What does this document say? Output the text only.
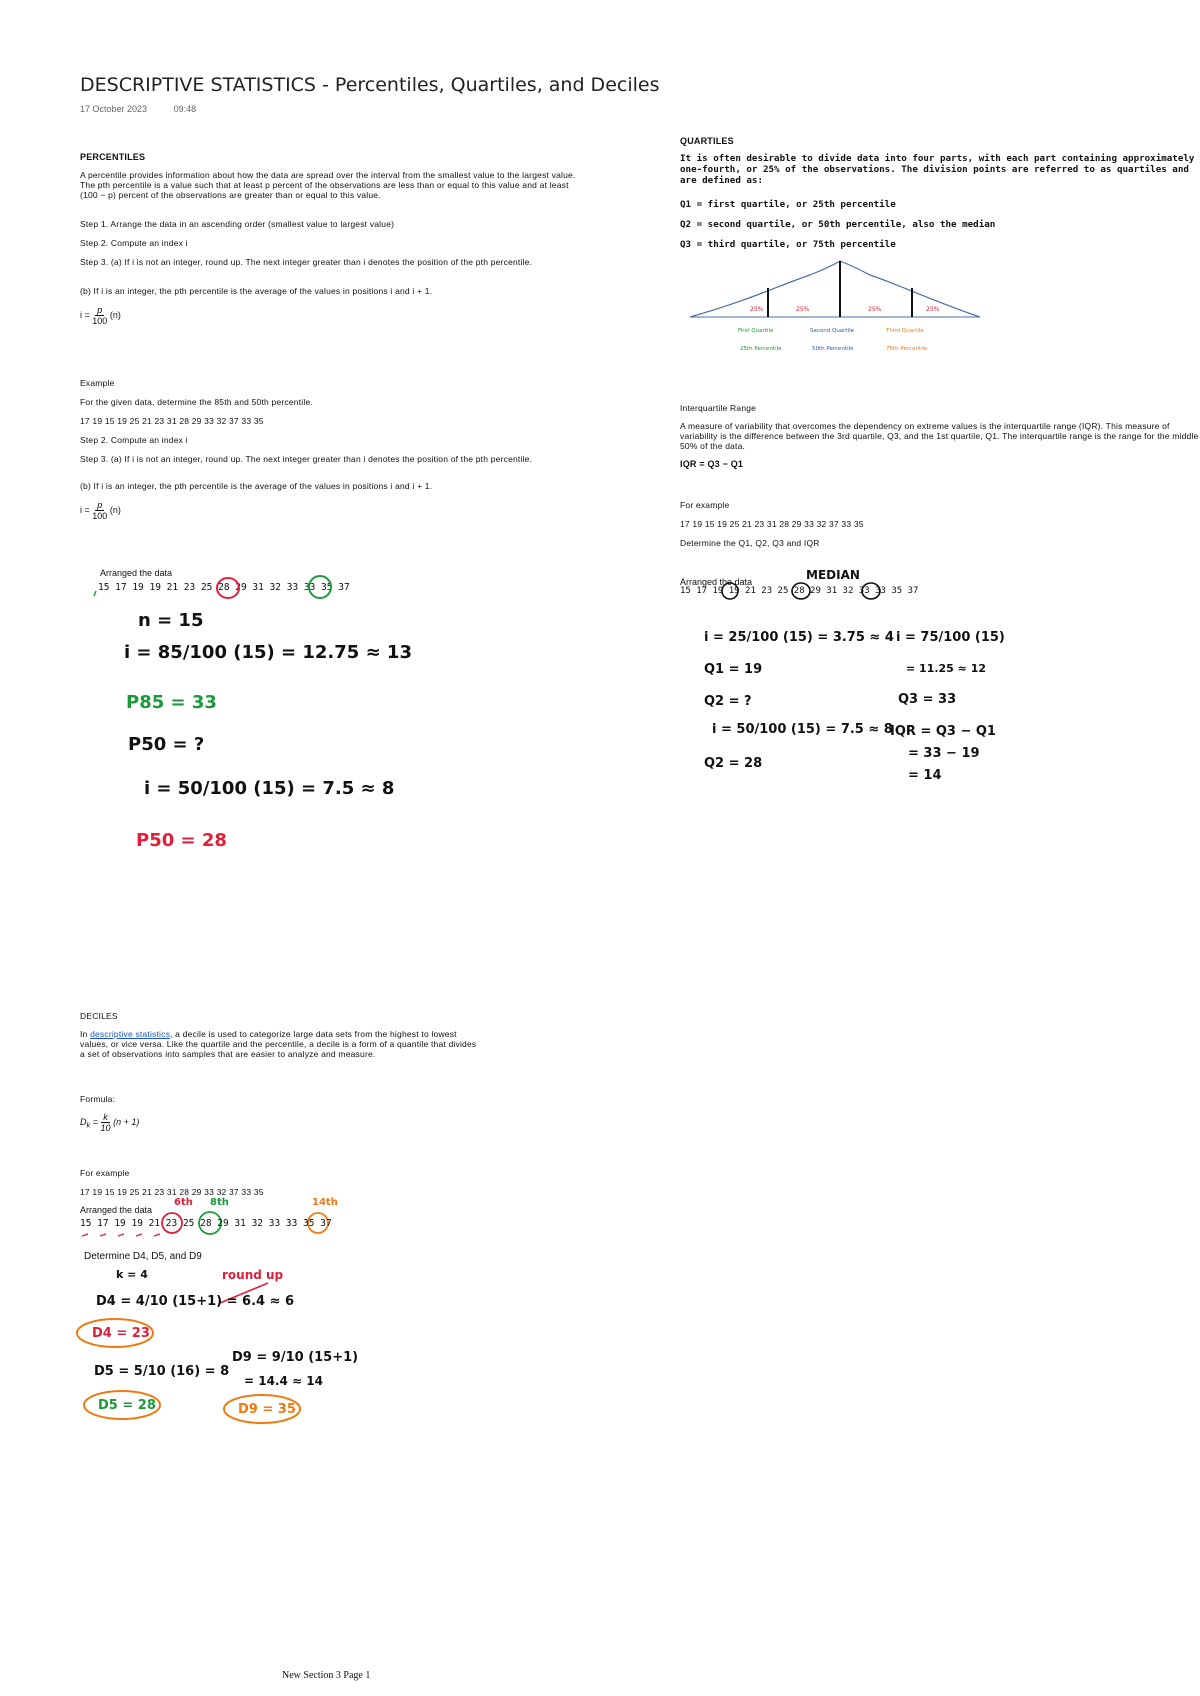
DESCRIPTIVE STATISTICS - Percentiles, Quartiles, and Deciles
17 October 2023	09:48
PERCENTILES
A percentile provides information about how the data are spread over the interval from the smallest value to the largest value. The pth percentile is a value such that at least p percent of the observations are less than or equal to this value and at least (100 − p) percent of the observations are greater than or equal to this value.
Step 1. Arrange the data in an ascending order (smallest value to largest value)
Step 2. Compute an index i
Step 3. (a) If i is not an integer, round up. The next integer greater than i denotes the position of the pth percentile.
(b) If i is an integer, the pth percentile is the average of the values in positions i and i + 1.
$i = \frac{p}{100} (n)$
Example
For the given data, determine the 85th and 50th percentile.
17 19 15 19 25 21 23 31 28 29 33 32 37 33 35
Step 2. Compute an index i
Step 3. (a) If i is not an integer, round up. The next integer greater than i denotes the position of the pth percentile.
(b) If i is an integer, the pth percentile is the average of the values in positions i and i + 1.
$i = \frac{p}{100} (n)$
Arranged the data
15 17 19 19 21 23 25 28 29 31 32 33 33 35 37
n = 15
i = 85/100 (15) = 12.75 ≈ 13
P85 = 33
P50 = ?
i = 50/100 (15) = 7.5 ≈ 8
P50 = 28
QUARTILES
It is often desirable to divide data into four parts, with each part containing approximately one-fourth, or 25% of the observations. The division points are referred to as quartiles and are defined as:
Q1 = first quartile, or 25th percentile
Q2 = second quartile, or 50th percentile, also the median
Q3 = third quartile, or 75th percentile
25%	25%	25%	25%
First Quartile	Second Quartile	Third Quartile
25th Percentile	50th Percentile	75th Percentile
Interquartile Range
A measure of variability that overcomes the dependency on extreme values is the interquartile range (IQR). This measure of variability is the difference between the 3rd quartile, Q3, and the 1st quartile, Q1. The interquartile range is the range for the middle 50% of the data.
IQR = Q3 − Q1
For example
17 19 15 19 25 21 23 31 28 29 33 32 37 33 35
Determine the Q1, Q2, Q3 and IQR
Arranged the data	MEDIAN
15 17 19 19 21 23 25 28 29 31 32 33 33 35 37
i = 25/100 (15) = 3.75 ≈ 4
Q1 = 19
Q2 = ?
i = 50/100 (15) = 7.5 ≈ 8
Q2 = 28
i = 75/100 (15)
= 11.25 ≈ 12
Q3 = 33
IQR = Q3 − Q1
= 33 − 19
= 14
DECILES
In descriptive statistics, a decile is used to categorize large data sets from the highest to lowest values, or vice versa. Like the quartile and the percentile, a decile is a form of a quantile that divides a set of observations into samples that are easier to analyze and measure.
Formula:
$D_k = \frac{k}{10} (n + 1)$
For example
17 19 15 19 25 21 23 31 28 29 33 32 37 33 35
Arranged the data
15 17 19 19 21 23 25 28 29 31 32 33 33 35 37
6th 8th	14th
Determine D4, D5, and D9
k = 4
D4 = 4/10 (15+1) = 6.4 ≈ 6
round up
D4 = 23
D5 = 5/10 (16) = 8
D5 = 28
D9 = 9/10 (15+1)
= 14.4 ≈ 14
D9 = 35
New Section 3 Page 1
